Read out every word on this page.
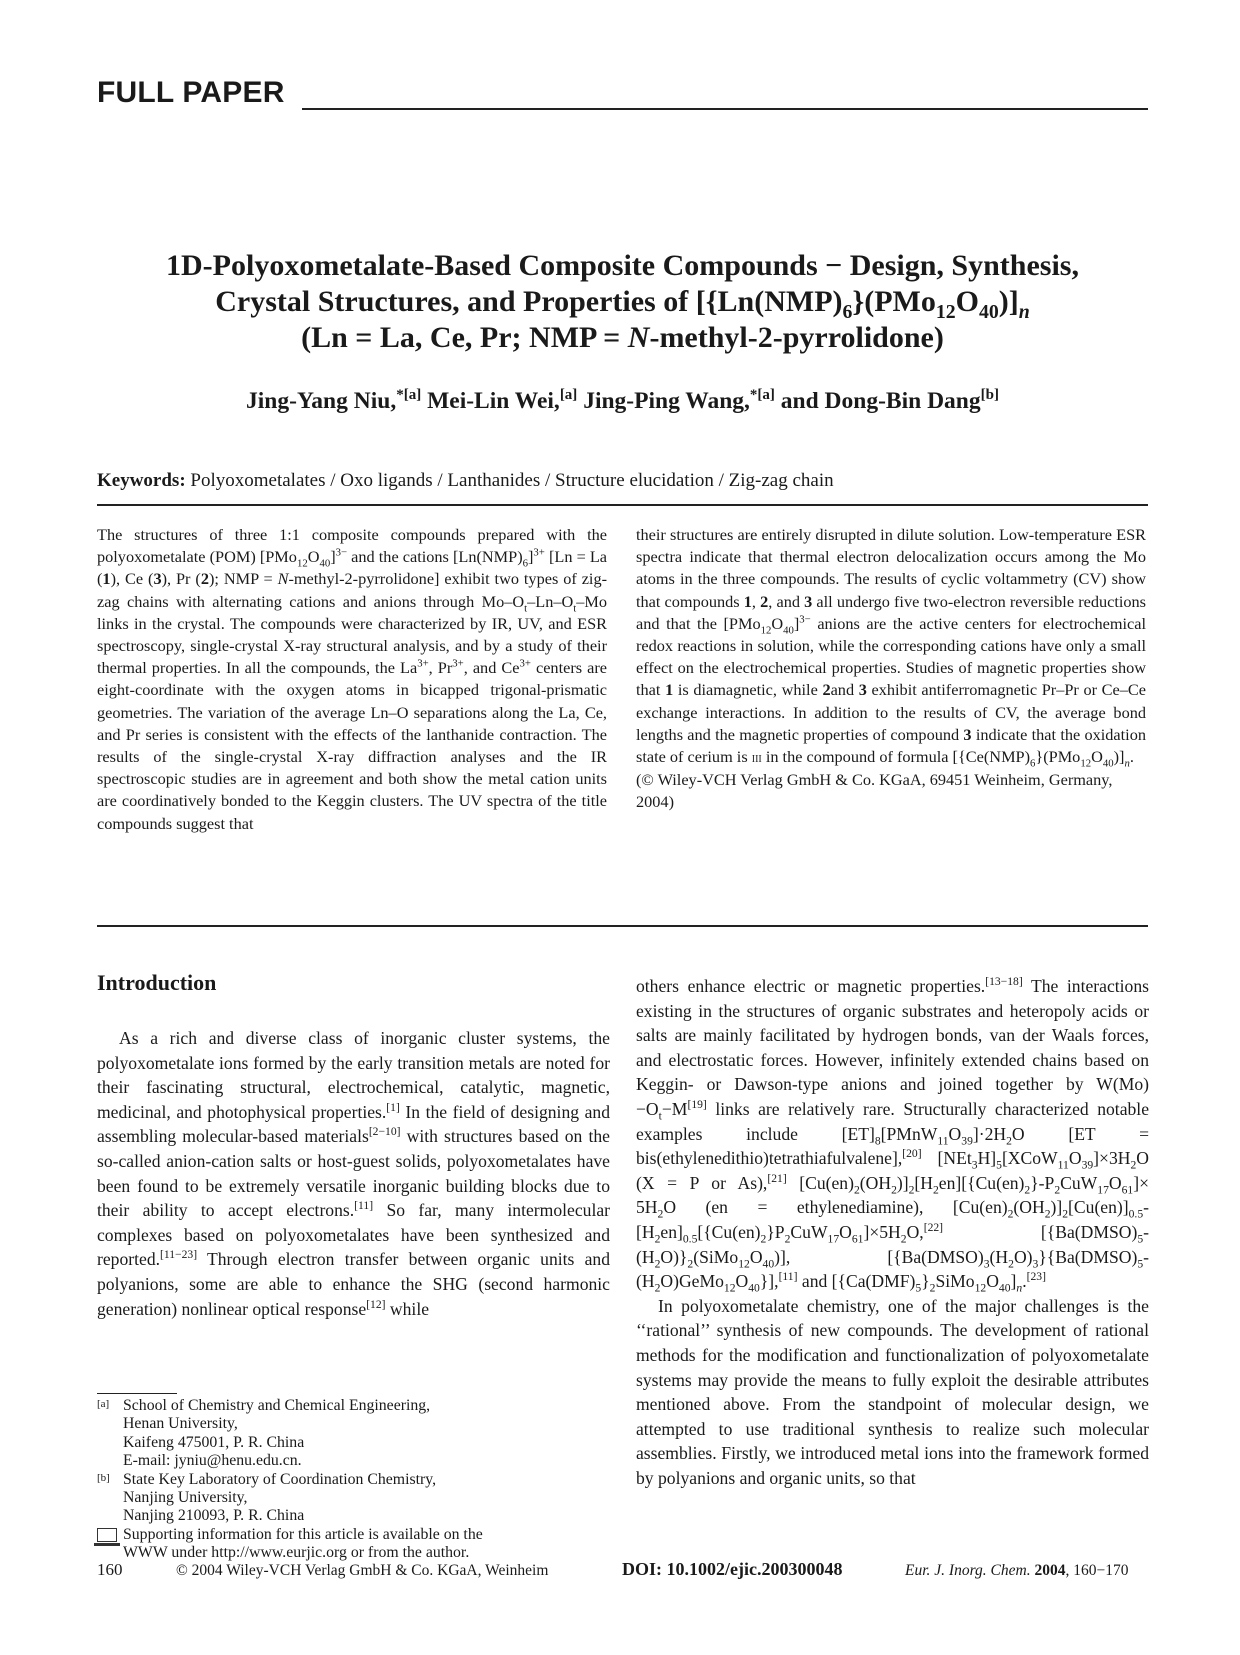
FULL PAPER
1D-Polyoxometalate-Based Composite Compounds − Design, Synthesis,
Crystal Structures, and Properties of $[\{Ln(NMP)_6\}(PMo_{12}O_{40})]_n$
(Ln = La, Ce, Pr; NMP = N-methyl-2-pyrrolidone)
Jing-Yang Niu,$^{*[a]}$ Mei-Lin Wei,[a] Jing-Ping Wang,$^{*[a]}$ and Dong-Bin Dang[b]
Keywords: Polyoxometalates / Oxo ligands / Lanthanides / Structure elucidation / Zig-zag chain
The structures of three 1:1 composite compounds prepared with the polyoxometalate (POM) $[PMo_{12}O_{40}]^{3-}$ and the cations $[Ln(NMP)_6]^{3+}$ [Ln = La (1), Ce (3), Pr (2); NMP = N-methyl-2-pyrrolidone] exhibit two types of zig-zag chains with alternating cations and anions through $Mo-O_t-Ln-O_t-Mo$ links in the crystal. The compounds were characterized by IR, UV, and ESR spectroscopy, single-crystal X-ray structural analysis, and by a study of their thermal properties. In all the compounds, the $La^{3+}$, $Pr^{3+}$, and $Ce^{3+}$ centers are eight-coordinate with the oxygen atoms in bicapped trigonal-prismatic geometries. The variation of the average Ln–O separations along the La, Ce, and Pr series is consistent with the effects of the lanthanide contraction. The results of the single-crystal X-ray diffraction analyses and the IR spectroscopic studies are in agreement and both show the metal cation units are coordinatively bonded to the Keggin clusters. The UV spectra of the title compounds suggest that
their structures are entirely disrupted in dilute solution. Low-temperature ESR spectra indicate that thermal electron delocalization occurs among the Mo atoms in the three compounds. The results of cyclic voltammetry (CV) show that compounds 1, 2, and 3 all undergo five two-electron reversible reductions and that the $[PMo_{12}O_{40}]^{3-}$ anions are the active centers for electrochemical redox reactions in solution, while the corresponding cations have only a small effect on the electrochemical properties. Studies of magnetic properties show that 1 is diamagnetic, while 2and 3 exhibit antiferromagnetic Pr–Pr or Ce–Ce exchange interactions. In addition to the results of CV, the average bond lengths and the magnetic properties of compound 3 indicate that the oxidation state of cerium is iii in the compound of formula $[\{Ce(NMP)_6\}(PMo_{12}O_{40})]_n$.
(© Wiley-VCH Verlag GmbH & Co. KGaA, 69451 Weinheim, Germany, 2004)
Introduction

As a rich and diverse class of inorganic cluster systems, the polyoxometalate ions formed by the early transition metals are noted for their fascinating structural, electrochemical, catalytic, magnetic, medicinal, and photophysical properties.[1] In the field of designing and assembling molecular-based materials[2−10] with structures based on the so-called anion-cation salts or host-guest solids, polyoxometalates have been found to be extremely versatile inorganic building blocks due to their ability to accept electrons.[11] So far, many intermolecular complexes based on polyoxometalates have been synthesized and reported.[11−23] Through electron transfer between organic units and polyanions, some are able to enhance the SHG (second harmonic generation) nonlinear optical response[12] while

others enhance electric or magnetic properties.[13−18] The interactions existing in the structures of organic substrates and heteropoly acids or salts are mainly facilitated by hydrogen bonds, van der Waals forces, and electrostatic forces. However, infinitely extended chains based on Keggin- or Dawson-type anions and joined together by $W(Mo)-O_t-M[19]$ links are relatively rare. Structurally characterized notable examples include $[ET]_8[PMnW_{11}O_{39}]\cdot 2H_2O$ [ET = bis(ethylenedithio)tetrathiafulvalene],[20] $[NEt_3H]_5[XCoW_{11}O_{39}]\times 3H_2O$ (X = P or As),[21] $[Cu(en)_2(OH_2)]_2[H_2en][\{Cu(en)_2\}-P_2CuW_{17}O_{61}]\times 5H_2O$ (en = ethylenediamine), $[Cu(en)_2(OH_2)]_2[Cu(en)]_{0.5}-[H_2en]_{0.5}[\{Cu(en)_2\}P_2CuW_{17}O_{61}]\times 5H_2O,[22]$ $[\{Ba(DMSO)_5-(H_2O)\}_2(SiMo_{12}O_{40})]$, $[\{Ba(DMSO)_3(H_2O)_3\}\{Ba(DMSO)_5-(H_2O)GeMo_{12}O_{40}\}],[11]$ and $[\{Ca(DMF)_5\}_2SiMo_{12}O_{40}]_n.[23]$

In polyoxometalate chemistry, one of the major challenges is the ‘‘rational’’ synthesis of new compounds. The development of rational methods for the modification and functionalization of polyoxometalate systems may provide the means to fully exploit the desirable attributes mentioned above. From the standpoint of molecular design, we attempted to use traditional synthesis to realize such molecular assemblies. Firstly, we introduced metal ions into the framework formed by polyanions and organic units, so that

[a] School of Chemistry and Chemical Engineering,
Henan University,
Kaifeng 475001, P. R. China
E-mail: jyniu@henu.edu.cn.
[b] State Key Laboratory of Coordination Chemistry,
Nanjing University,
Nanjing 210093, P. R. China
Supporting information for this article is available on the
WWW under http://www.eurjic.org or from the author.
160	© 2004 Wiley-VCH Verlag GmbH & Co. KGaA, Weinheim	DOI: 10.1002/ejic.200300048	Eur. J. Inorg. Chem. 2004, 160−170
